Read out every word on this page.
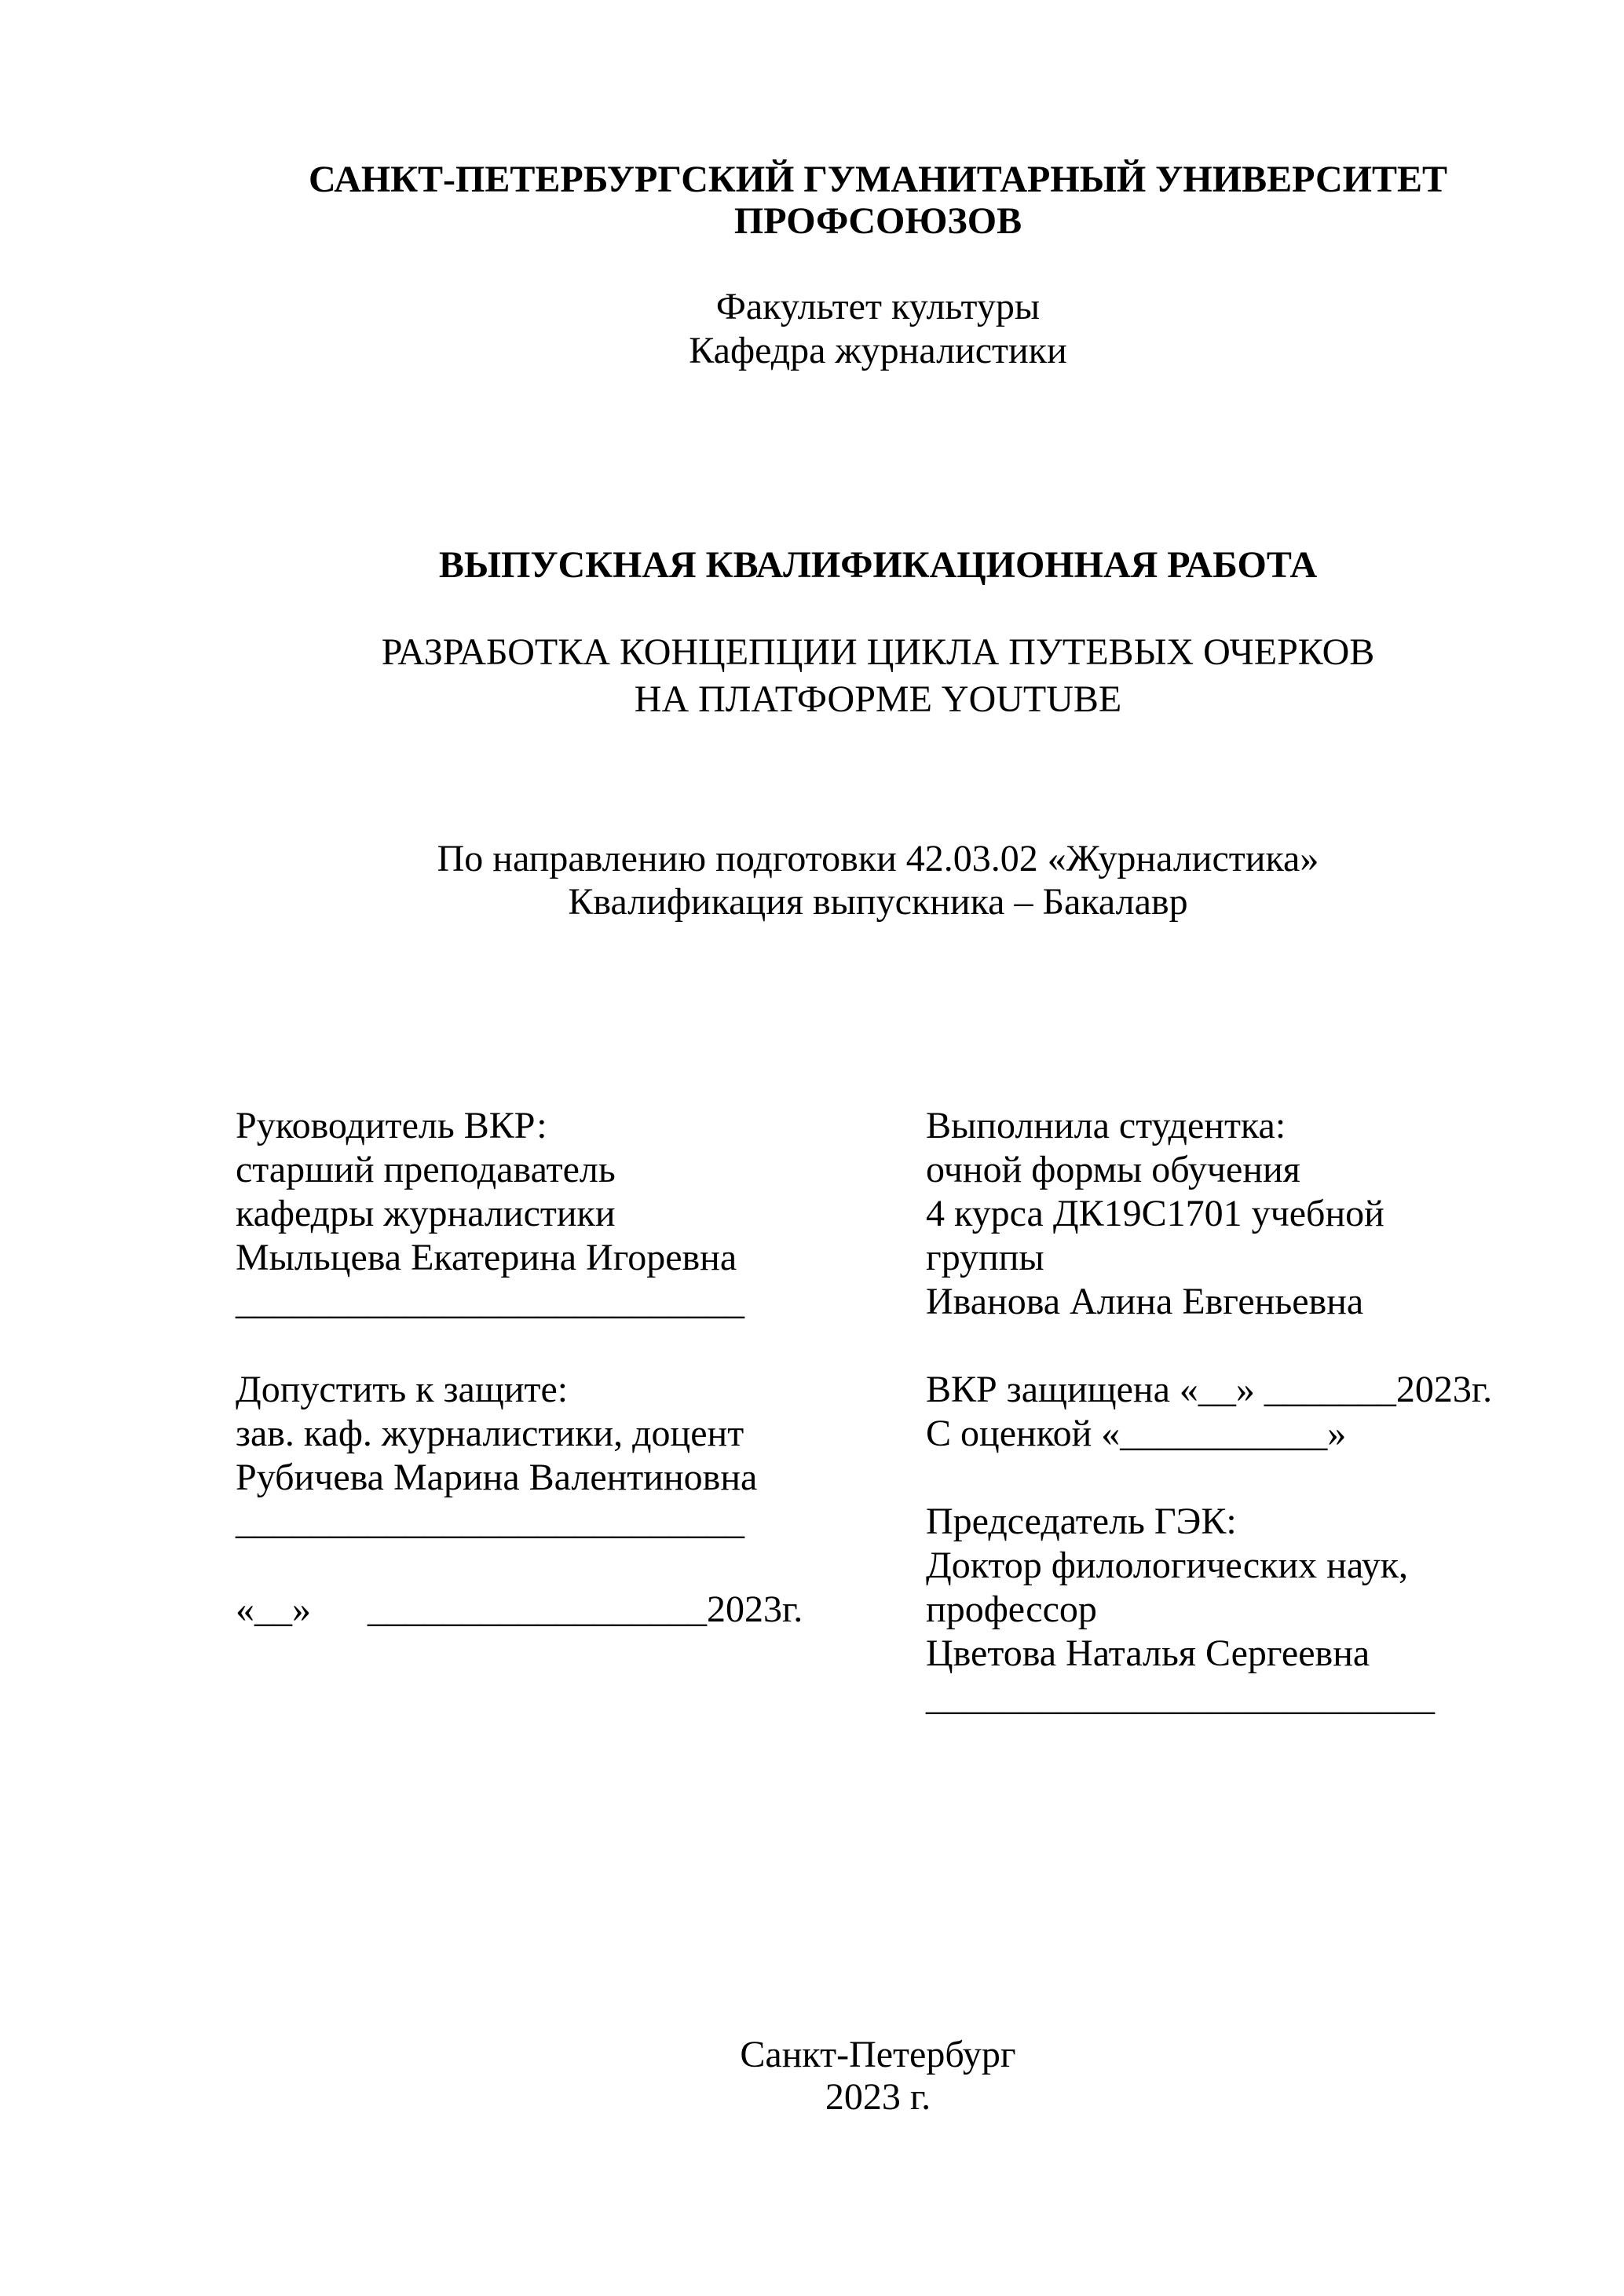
САНКТ-ПЕТЕРБУРГСКИЙ ГУМАНИТАРНЫЙ УНИВЕРСИТЕТ
ПРОФСОЮЗОВ
Факультет культуры
Кафедра журналистики
ВЫПУСКНАЯ КВАЛИФИКАЦИОННАЯ РАБОТА
РАЗРАБОТКА КОНЦЕПЦИИ ЦИКЛА ПУТЕВЫХ ОЧЕРКОВ
НА ПЛАТФОРМЕ YOUTUBE
По направлению подготовки 42.03.02 «Журналистика»
Квалификация выпускника – Бакалавр
Руководитель ВКР:
старший преподаватель
кафедры журналистики
Мыльцева Екатерина Игоревна
___________________________
Допустить к защите:
зав. каф. журналистики, доцент
Рубичева Марина Валентиновна
___________________________
«__»      __________________2023г.
Выполнила студентка:
очной формы обучения
4 курса ДК19С1701 учебной
группы
Иванова Алина Евгеньевна
ВКР защищена «__» _______2023г.
С оценкой «___________»
Председатель ГЭК:
Доктор филологических наук,
профессор
Цветова Наталья Сергеевна
___________________________
Санкт-Петербург
2023 г.
